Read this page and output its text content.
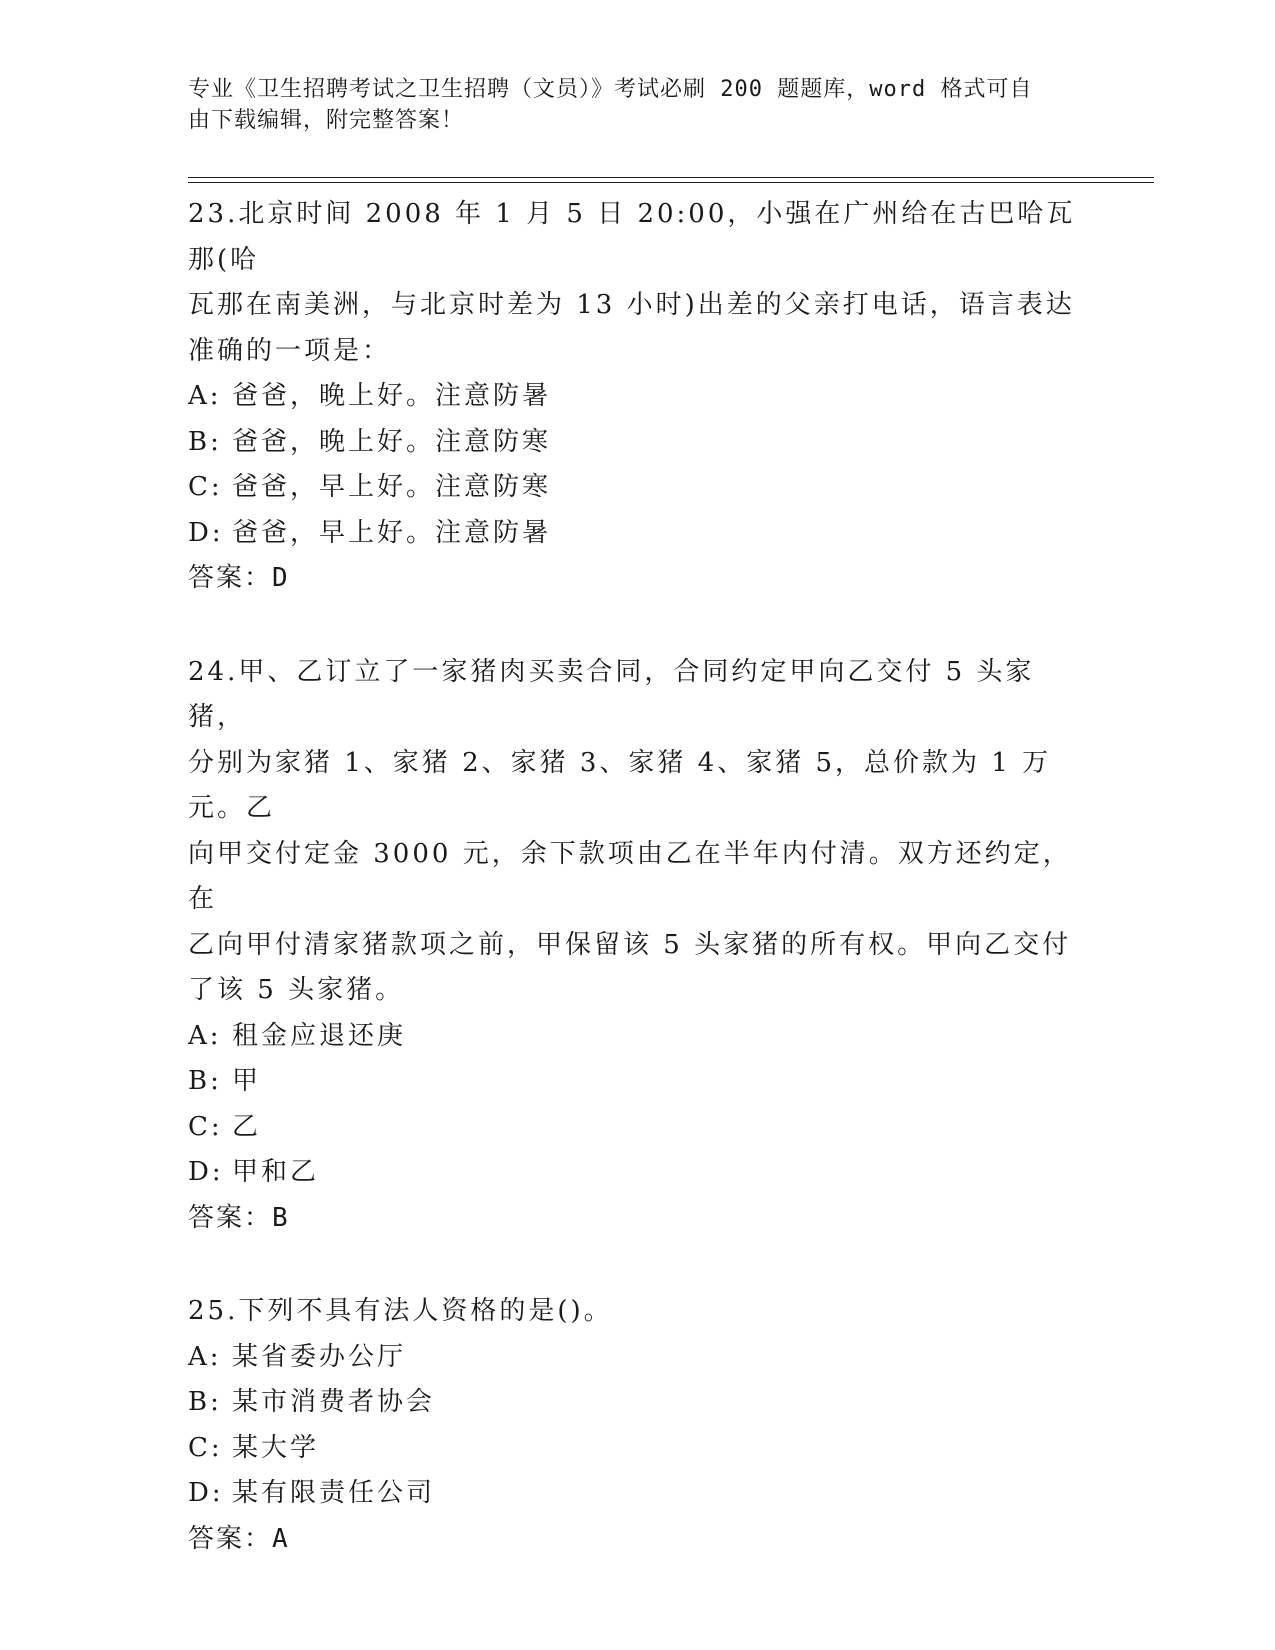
专业《卫生招聘考试之卫生招聘（文员）》考试必刷 200 题题库，word 格式可自
由下载编辑，附完整答案！
23.北京时间 2008 年 1 月 5 日 20:00，小强在广州给在古巴哈瓦那(哈
瓦那在南美洲，与北京时差为 13 小时)出差的父亲打电话，语言表达
准确的一项是：
A: 爸爸，晚上好。注意防暑
B: 爸爸，晚上好。注意防寒
C: 爸爸，早上好。注意防寒
D: 爸爸，早上好。注意防暑
答案：D
24.甲、乙订立了一家猪肉买卖合同，合同约定甲向乙交付 5 头家猪，
分别为家猪 1、家猪 2、家猪 3、家猪 4、家猪 5，总价款为 1 万元。乙
向甲交付定金 3000 元，余下款项由乙在半年内付清。双方还约定，在
乙向甲付清家猪款项之前，甲保留该 5 头家猪的所有权。甲向乙交付
了该 5 头家猪。
A: 租金应退还庚
B: 甲
C: 乙
D: 甲和乙
答案：B
25.下列不具有法人资格的是()。
A: 某省委办公厅
B: 某市消费者协会
C: 某大学
D: 某有限责任公司
答案：A
